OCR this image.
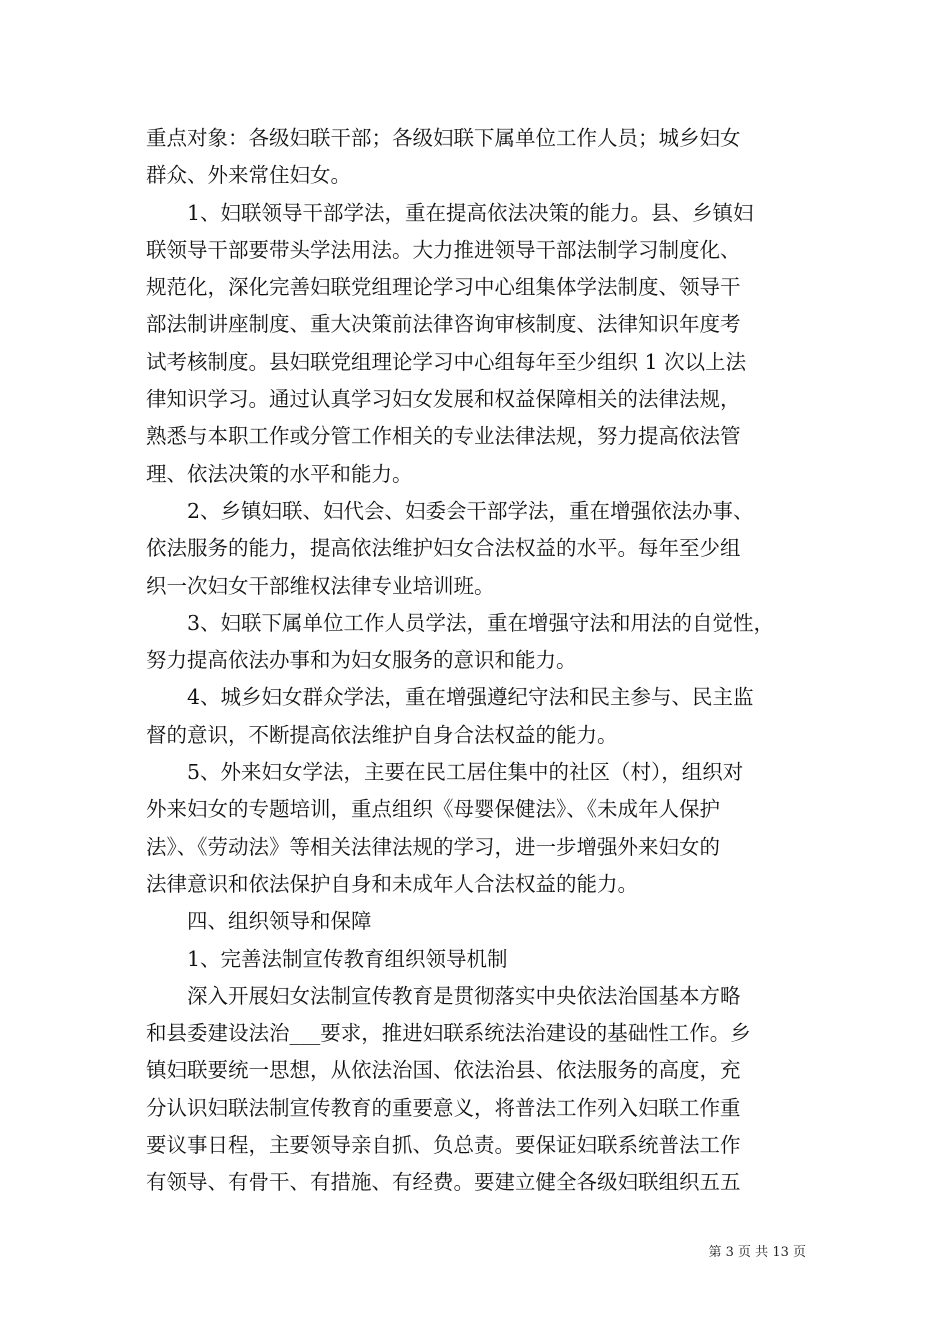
重点对象：各级妇联干部；各级妇联下属单位工作人员；城乡妇女
群众、外来常住妇女。
1、妇联领导干部学法，重在提高依法决策的能力。县、乡镇妇
联领导干部要带头学法用法。大力推进领导干部法制学习制度化、
规范化，深化完善妇联党组理论学习中心组集体学法制度、领导干
部法制讲座制度、重大决策前法律咨询审核制度、法律知识年度考
试考核制度。县妇联党组理论学习中心组每年至少组织 1 次以上法
律知识学习。通过认真学习妇女发展和权益保障相关的法律法规，
熟悉与本职工作或分管工作相关的专业法律法规，努力提高依法管
理、依法决策的水平和能力。
2、乡镇妇联、妇代会、妇委会干部学法，重在增强依法办事、
依法服务的能力，提高依法维护妇女合法权益的水平。每年至少组
织一次妇女干部维权法律专业培训班。
3、妇联下属单位工作人员学法，重在增强守法和用法的自觉性，
努力提高依法办事和为妇女服务的意识和能力。
4、城乡妇女群众学法，重在增强遵纪守法和民主参与、民主监
督的意识，不断提高依法维护自身合法权益的能力。
5、外来妇女学法，主要在民工居住集中的社区（村），组织对
外来妇女的专题培训，重点组织《母婴保健法》、《未成年人保护
法》、《劳动法》等相关法律法规的学习，进一步增强外来妇女的
法律意识和依法保护自身和未成年人合法权益的能力。
四、组织领导和保障
1、完善法制宣传教育组织领导机制
深入开展妇女法制宣传教育是贯彻落实中央依法治国基本方略
和县委建设法治___要求，推进妇联系统法治建设的基础性工作。乡
镇妇联要统一思想，从依法治国、依法治县、依法服务的高度，充
分认识妇联法制宣传教育的重要意义，将普法工作列入妇联工作重
要议事日程，主要领导亲自抓、负总责。要保证妇联系统普法工作
有领导、有骨干、有措施、有经费。要建立健全各级妇联组织五五
第 3 页 共 13 页
